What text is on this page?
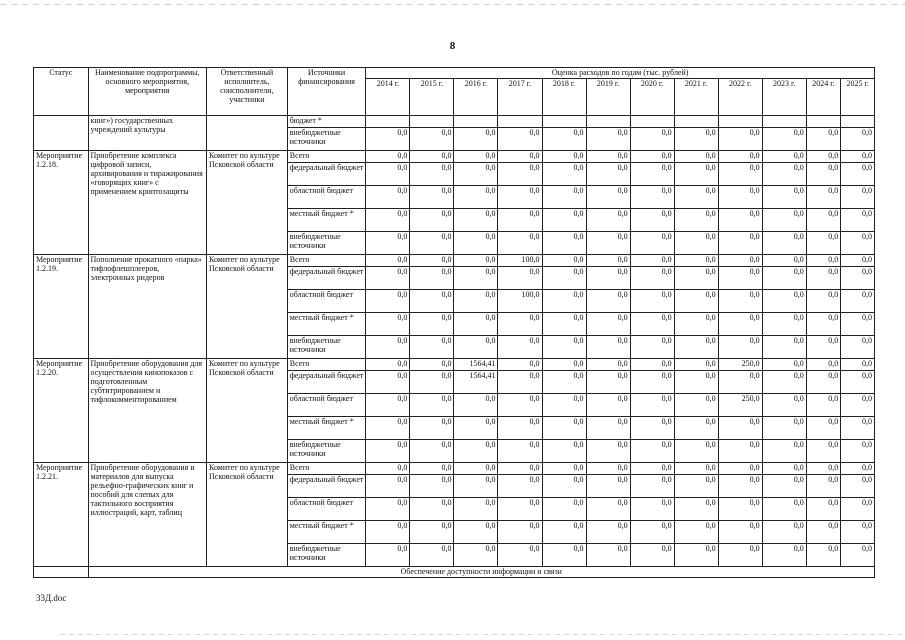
8
Статус	Наименование подпрограммы, основного мероприятия, мероприятия	Ответственный исполнитель, соисполнители, участники	Источники финансирования	Оценка расходов по годам (тыс. рублей)											
				2014 г.	2015 г.	2016 г.	2017 г.	2018 г.	2019 г.	2020 г.	2021 г.	2022 г.	2023 г.	2024 г.	2025 г.
	книг») государственных учреждений культуры		бюджет *												
			внебюджетные источники	0,0	0,0	0,0	0,0	0,0	0,0	0,0	0,0	0,0	0,0	0,0	0,0
Мероприятие 1.2.18.	Приобретение комплекса цифровой записи, архивирования и тиражирования «говорящих книг» с применением криптозащиты	Комитет по культуре Псковской области	Всего	0,0	0,0	0,0	0,0	0,0	0,0	0,0	0,0	0,0	0,0	0,0	0,0
			федеральный бюджет	0,0	0,0	0,0	0,0	0,0	0,0	0,0	0,0	0,0	0,0	0,0	0,0
			областной бюджет	0,0	0,0	0,0	0,0	0,0	0,0	0,0	0,0	0,0	0,0	0,0	0,0
			местный бюджет *	0,0	0,0	0,0	0,0	0,0	0,0	0,0	0,0	0,0	0,0	0,0	0,0
			внебюджетные источники	0,0	0,0	0,0	0,0	0,0	0,0	0,0	0,0	0,0	0,0	0,0	0,0
Мероприятие 1.2.19.	Пополнение прокатного «парка» тифлофлешплееров, электронных ридеров	Комитет по культуре Псковской области	Всего	0,0	0,0	0,0	100,0	0,0	0,0	0,0	0,0	0,0	0,0	0,0	0,0
			федеральный бюджет	0,0	0,0	0,0	0,0	0,0	0,0	0,0	0,0	0,0	0,0	0,0	0,0
			областной бюджет	0,0	0,0	0,0	100,0	0,0	0,0	0,0	0,0	0,0	0,0	0,0	0,0
			местный бюджет *	0,0	0,0	0,0	0,0	0,0	0,0	0,0	0,0	0,0	0,0	0,0	0,0
			внебюджетные источники	0,0	0,0	0,0	0,0	0,0	0,0	0,0	0,0	0,0	0,0	0,0	0,0
Мероприятие 1.2.20.	Приобретение оборудования для осуществления кинопоказов с подготовленным субтитрированием и тифлокомментированием	Комитет по культуре Псковской области	Всего	0,0	0,0	1564,41	0,0	0,0	0,0	0,0	0,0	250,0	0,0	0,0	0,0
			федеральный бюджет	0,0	0,0	1564,41	0,0	0,0	0,0	0,0	0,0	0,0	0,0	0,0	0,0
			областной бюджет	0,0	0,0	0,0	0,0	0,0	0,0	0,0	0,0	250,0	0,0	0,0	0,0
			местный бюджет *	0,0	0,0	0,0	0,0	0,0	0,0	0,0	0,0	0,0	0,0	0,0	0,0
			внебюджетные источники	0,0	0,0	0,0	0,0	0,0	0,0	0,0	0,0	0,0	0,0	0,0	0,0
Мероприятие 1.2.21.	Приобретение оборудования и материалов для выпуска рельефно-графических книг и пособий для слепых для тактильного восприятия иллюстраций, карт, таблиц	Комитет по культуре Псковской области	Всего	0,0	0,0	0,0	0,0	0,0	0,0	0,0	0,0	0,0	0,0	0,0	0,0
			федеральный бюджет	0,0	0,0	0,0	0,0	0,0	0,0	0,0	0,0	0,0	0,0	0,0	0,0
			областной бюджет	0,0	0,0	0,0	0,0	0,0	0,0	0,0	0,0	0,0	0,0	0,0	0,0
			местный бюджет *	0,0	0,0	0,0	0,0	0,0	0,0	0,0	0,0	0,0	0,0	0,0	0,0
			внебюджетные источники	0,0	0,0	0,0	0,0	0,0	0,0	0,0	0,0	0,0	0,0	0,0	0,0
	Обеспечение доступности информации и связи														
33Д.doc
